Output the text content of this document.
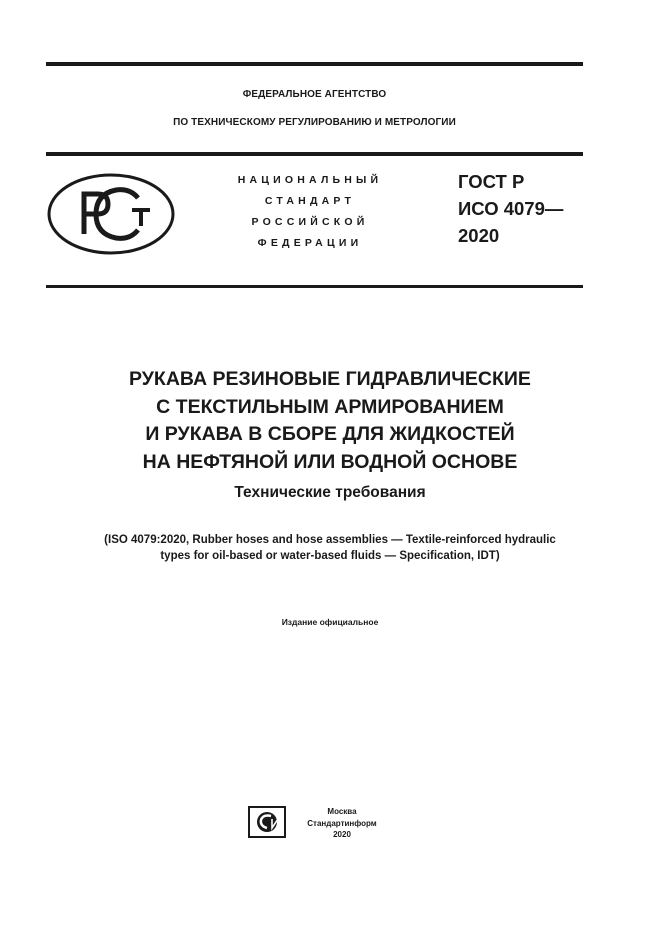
ФЕДЕРАЛЬНОЕ АГЕНТСТВО
ПО ТЕХНИЧЕСКОМУ РЕГУЛИРОВАНИЮ И МЕТРОЛОГИИ
НАЦИОНАЛЬНЫЙ
СТАНДАРТ
РОССИЙСКОЙ
ФЕДЕРАЦИИ
ГОСТ Р
ИСО 4079—
2020
РУКАВА РЕЗИНОВЫЕ ГИДРАВЛИЧЕСКИЕ
С ТЕКСТИЛЬНЫМ АРМИРОВАНИЕМ
И РУКАВА В СБОРЕ ДЛЯ ЖИДКОСТЕЙ
НА НЕФТЯНОЙ ИЛИ ВОДНОЙ ОСНОВЕ
Технические требования
(ISO 4079:2020, Rubber hoses and hose assemblies — Textile-reinforced hydraulic
types for oil-based or water-based fluids — Specification, IDT)
Издание официальное
Москва
Стандартинформ
2020
